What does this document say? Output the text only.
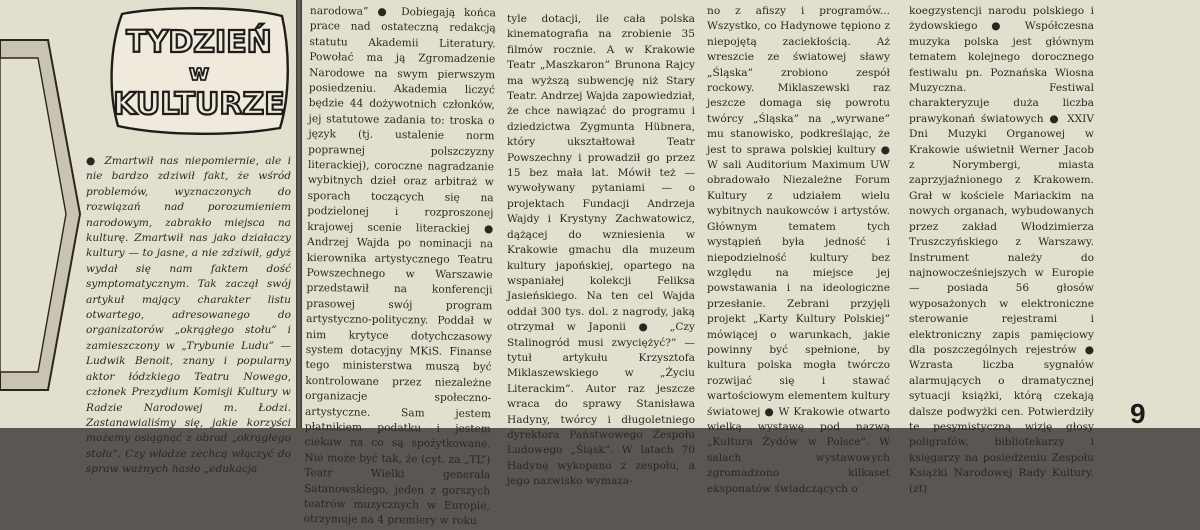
TYDZIEŃ
w
KULTURZE

● Zmartwił nas niepomiernie, ale i nie bardzo zdziwił fakt, że wśród problemów, wyznaczonych do rozwiązań nad porozumieniem narodowym, zabrakło miejsca na kulturę. Zmartwił nas jako działaczy kultury — to jasne, a nie zdziwił, gdyż wydał się nam faktem dość symptomatycznym. Tak zaczął swój artykuł mający charakter listu otwartego, adresowanego do organizatorów „okrągłego stołu” i zamieszczony w „Trybunie Ludu” — Ludwik Benoit, znany i popularny aktor łódzkiego Teatru Nowego, członek Prezydium Komisji Kultury w Radzie Narodowej m. Łodzi. Zastanawialiśmy się, jakie korzyści możemy osiągnąć z obrad „okrągłego stołu”. Czy władze zechcą włączyć do spraw ważnych hasło „edukacja

narodowa” ● Dobiegają końca prace nad ostateczną redakcją statutu Akademii Literatury. Powołać ma ją Zgromadzenie Narodowe na swym pierwszym posiedzeniu. Akademia liczyć będzie 44 dożywotnich członków, jej statutowe zadania to: troska o język (tj. ustalenie norm poprawnej polszczyzny literackiej), coroczne nagradzanie wybitnych dzieł oraz arbitraż w sporach toczących się na podzielonej i rozproszonej krajowej scenie literackiej ● Andrzej Wajda po nominacji na kierownika artystycznego Teatru Powszechnego w Warszawie przedstawił na konferencji prasowej swój program artystyczno-polityczny. Poddał w nim krytyce dotychczasowy system dotacyjny MKiS. Finanse tego ministerstwa muszą być kontrolowane przez niezależne organizacje społeczno-artystyczne. Sam jestem płatnikiem podatku i jestem ciekaw na co są spożytkowane. Nie może być tak, że (cyt. za „TL”) Teatr Wielki generała Satanowskiego, jeden z gorszych teatrów muzycznych w Europie, otrzymuje na 4 premiery w roku

tyle dotacji, ile cała polska kinematografia na zrobienie 35 filmów rocznie. A w Krakowie Teatr „Maszkaron” Brunona Rajcy ma wyższą subwencję niż Stary Teatr. Andrzej Wajda zapowiedział, że chce nawiązać do programu i dziedzictwa Zygmunta Hübnera, który ukształtował Teatr Powszechny i prowadził go przez 15 bez mała lat. Mówił też — wywoływany pytaniami — o projektach Fundacji Andrzeja Wajdy i Krystyny Zachwatowicz, dążącej do wzniesienia w Krakowie gmachu dla muzeum kultury japońskiej, opartego na wspaniałej kolekcji Feliksa Jasieńskiego. Na ten cel Wajda oddał 300 tys. dol. z nagrody, jaką otrzymał w Japonii ● „Czy Stalinogród musi zwyciężyć?” — tytuł artykułu Krzysztofa Miklaszewskiego w „Życiu Literackim”. Autor raz jeszcze wraca do sprawy Stanisława Hadyny, twórcy i długoletniego dyrektora Państwowego Zespołu Ludowego „Śląsk”. W latach 70 Hadynę wykopano z zespołu, a jego nazwisko wymaza-

no z afiszy i programów... Wszystko, co Hadynowe tępiono z niepojętą zaciekłością. Aż wreszcie ze światowej sławy „Śląska” zrobiono zespół rockowy. Miklaszewski raz jeszcze domaga się powrotu twórcy „Śląska” na „wyrwane” mu stanowisko, podkreślając, że jest to sprawa polskiej kultury ● W sali Auditorium Maximum UW obradowało Niezależne Forum Kultury z udziałem wielu wybitnych naukowców i artystów. Głównym tematem tych wystąpień była jedność i niepodzielność kultury bez względu na miejsce jej powstawania i na ideologiczne przesłanie. Zebrani przyjęli projekt „Karty Kultury Polskiej” mówiącej o warunkach, jakie powinny być spełnione, by kultura polska mogła twórczo rozwijać się i stawać wartościowym elementem kultury światowej ● W Krakowie otwarto wielką wystawę pod nazwą „Kultura Żydów w Polsce”. W salach wystawowych zgromadzono kilkaset eksponatów świadczących o

koegzystencji narodu polskiego i żydowskiego ● Współczesna muzyka polska jest głównym tematem kolejnego dorocznego festiwalu pn. Poznańska Wiosna Muzyczna. Festiwal charakteryzuje duża liczba prawykonań światowych ● XXIV Dni Muzyki Organowej w Krakowie uświetnił Werner Jacob z Norymbergi, miasta zaprzyjaźnionego z Krakowem. Grał w kościele Mariackim na nowych organach, wybudowanych przez zakład Włodzimierza Truszczyńskiego z Warszawy. Instrument należy do najnowocześniejszych w Europie — posiada 56 głosów wyposażonych w elektroniczne sterowanie rejestrami i elektroniczny zapis pamięciowy dla poszczególnych rejestrów ● Wzrasta liczba sygnałów alarmujących o dramatycznej sytuacji książki, którą czekają dalsze podwyżki cen. Potwierdziły te pesymistyczną wizję głosy poligrafów, bibliotekarzy i księgarzy na posiedzeniu Zespołu Książki Narodowej Rady Kultury. (zt)

9
